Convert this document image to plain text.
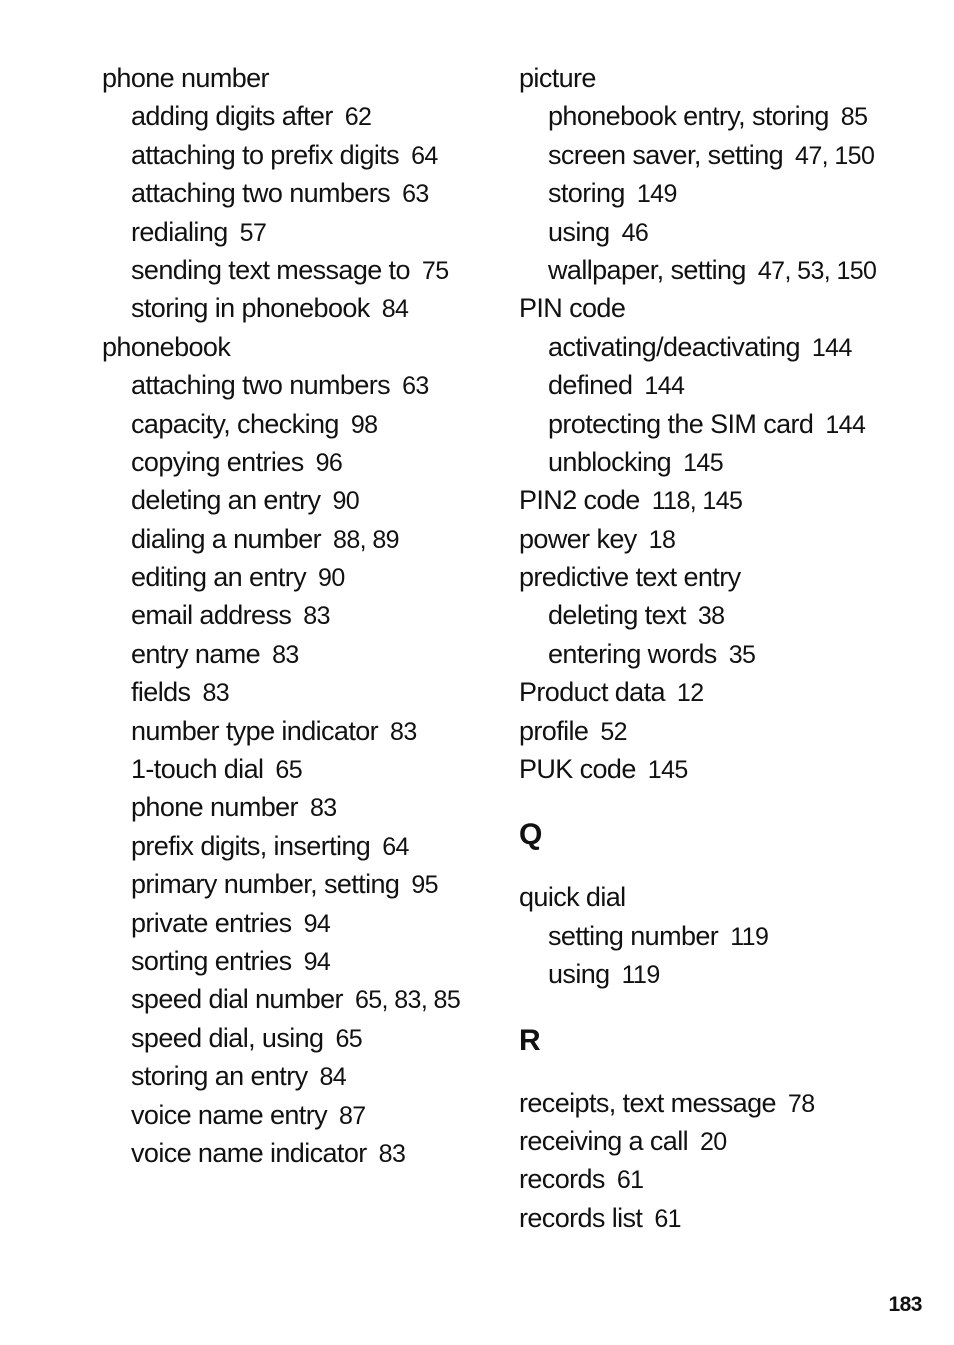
phone number
adding digits after 62
attaching to prefix digits 64
attaching two numbers 63
redialing 57
sending text message to 75
storing in phonebook 84
phonebook
attaching two numbers 63
capacity, checking 98
copying entries 96
deleting an entry 90
dialing a number 88, 89
editing an entry 90
email address 83
entry name 83
fields 83
number type indicator 83
1-touch dial 65
phone number 83
prefix digits, inserting 64
primary number, setting 95
private entries 94
sorting entries 94
speed dial number 65, 83, 85
speed dial, using 65
storing an entry 84
voice name entry 87
voice name indicator 83
picture
phonebook entry, storing 85
screen saver, setting 47, 150
storing 149
using 46
wallpaper, setting 47, 53, 150
PIN code
activating/deactivating 144
defined 144
protecting the SIM card 144
unblocking 145
PIN2 code 118, 145
power key 18
predictive text entry
deleting text 38
entering words 35
Product data 12
profile 52
PUK code 145
Q
quick dial
setting number 119
using 119
R
receipts, text message 78
receiving a call 20
records 61
records list 61
183
